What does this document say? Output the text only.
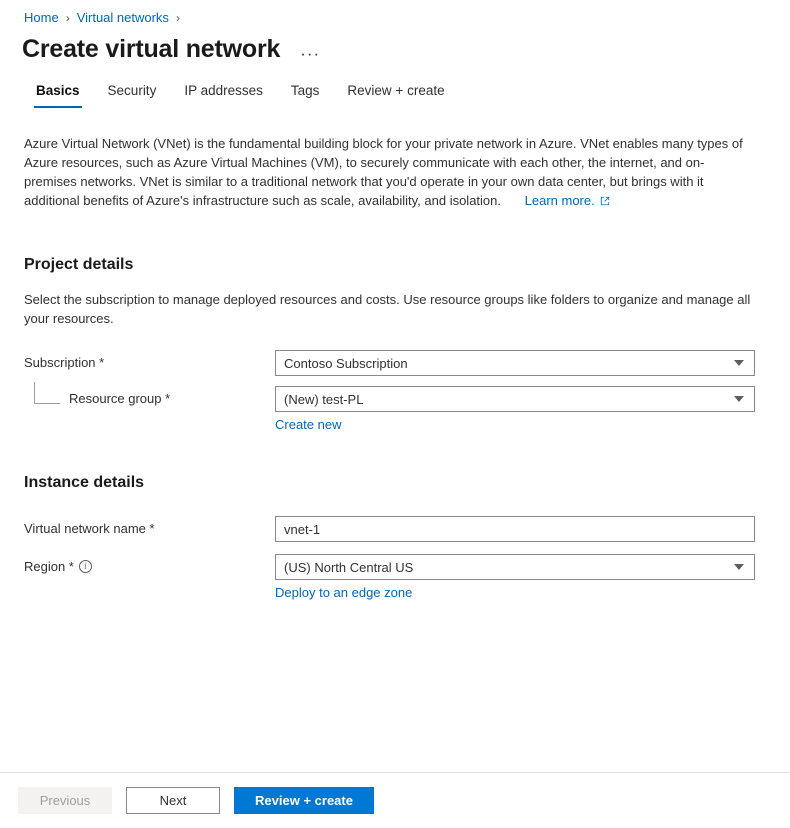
Home › Virtual networks ›
Create virtual network ···
Basics	Security	IP addresses	Tags	Review + create
Azure Virtual Network (VNet) is the fundamental building block for your private network in Azure. VNet enables many types of Azure resources, such as Azure Virtual Machines (VM), to securely communicate with each other, the internet, and on-premises networks. VNet is similar to a traditional network that you'd operate in your own data center, but brings with it additional benefits of Azure's infrastructure such as scale, availability, and isolation. Learn more.
Project details
Select the subscription to manage deployed resources and costs. Use resource groups like folders to organize and manage all your resources.
Subscription *	Contoso Subscription
Resource group *	(New) test-PL
Create new
Instance details
Virtual network name *
vnet-1
Region *	i	(US) North Central US
Deploy to an edge zone
Previous	Next	Review + create
